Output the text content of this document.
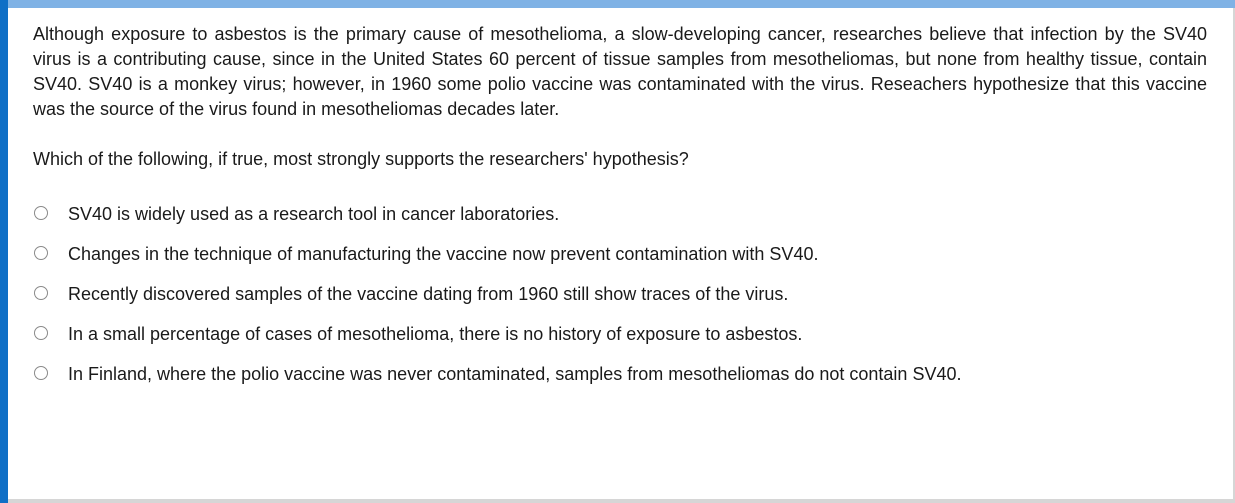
Although exposure to asbestos is the primary cause of mesothelioma, a slow-developing cancer, researches believe that infection by the SV40 virus is a contributing cause, since in the United States 60 percent of tissue samples from mesotheliomas, but none from healthy tissue, contain SV40. SV40 is a monkey virus; however, in 1960 some polio vaccine was contaminated with the virus. Reseachers hypothesize that this vaccine was the source of the virus found in mesotheliomas decades later.

Which of the following, if true, most strongly supports the researchers' hypothesis?

SV40 is widely used as a research tool in cancer laboratories.
Changes in the technique of manufacturing the vaccine now prevent contamination with SV40.
Recently discovered samples of the vaccine dating from 1960 still show traces of the virus.
In a small percentage of cases of mesothelioma, there is no history of exposure to asbestos.
In Finland, where the polio vaccine was never contaminated, samples from mesotheliomas do not contain SV40.
